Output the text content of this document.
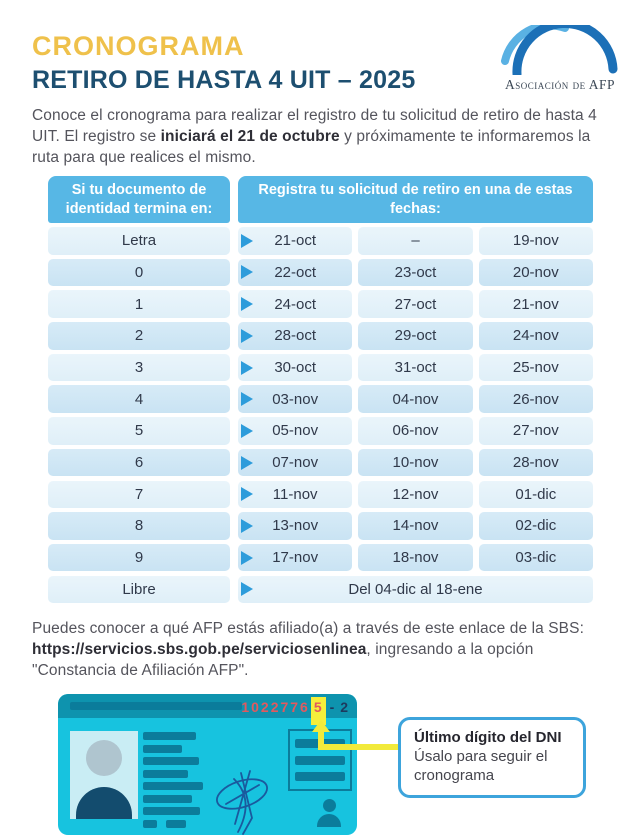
CRONOGRAMA
RETIRO DE HASTA 4 UIT – 2025	Asociación de AFP

Conoce el cronograma para realizar el registro de tu solicitud de retiro de hasta 4 UIT. El registro se iniciará el 21 de octubre y próximamente te informaremos la ruta para que realices el mismo.

Si tu documento de identidad termina en:
Registra tu solicitud de retiro en una de estas fechas:
Letra	21-oct	–	19-nov
0	22-oct	23-oct	20-nov
1	24-oct	27-oct	21-nov
2	28-oct	29-oct	24-nov
3	30-oct	31-oct	25-nov
4	03-nov	04-nov	26-nov
5	05-nov	06-nov	27-nov
6	07-nov	10-nov	28-nov
7	11-nov	12-nov	01-dic
8	13-nov	14-nov	02-dic
9	17-nov	18-nov	03-dic
Libre	Del 04-dic al 18-ene

Puedes conocer a qué AFP estás afiliado(a) a través de este enlace de la SBS: https://servicios.sbs.gob.pe/serviciosenlinea, ingresando a la opción "Constancia de Afiliación AFP".

1022776 5 - 2
Último dígito del DNI
Úsalo para seguir el cronograma
